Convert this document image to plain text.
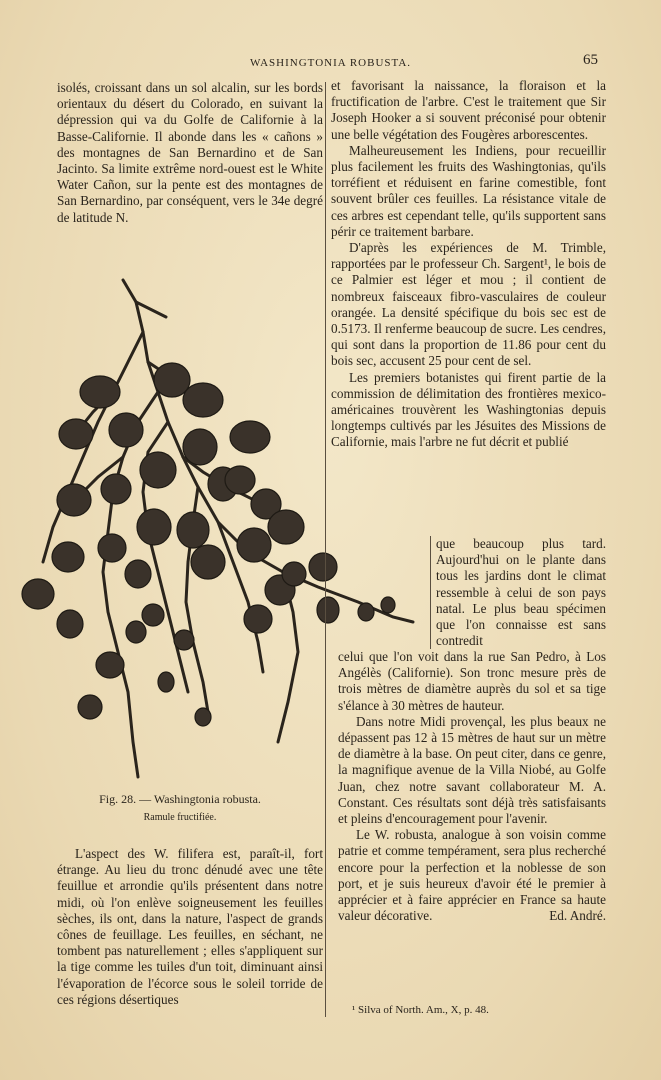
WASHINGTONIA ROBUSTA.	65

isolés, croissant dans un sol alcalin, sur les bords orientaux du désert du Colorado, en suivant la dépression qui va du Golfe de Californie à la Basse-Californie. Il abonde dans les « cañons » des montagnes de San Bernardino et de San Jacinto. Sa limite extrême nord-ouest est le White Water Cañon, sur la pente est des montagnes de San Bernardino, par conséquent, vers le 34e degré de latitude N.

Fig. 28. — Washingtonia robusta.
Ramule fructifiée.

L'aspect des W. filifera est, paraît-il, fort étrange. Au lieu du tronc dénudé avec une tête feuillue et arrondie qu'ils présentent dans notre midi, où l'on enlève soigneusement les feuilles sèches, ils ont, dans la nature, l'aspect de grands cônes de feuillage. Les feuilles, en séchant, ne tombent pas naturellement ; elles s'appliquent sur la tige comme les tuiles d'un toit, diminuant ainsi l'évaporation de l'écorce sous le soleil torride de ces régions désertiques

et favorisant la naissance, la floraison et la fructification de l'arbre. C'est le traitement que Sir Joseph Hooker a si souvent préconisé pour obtenir une belle végétation des Fougères arborescentes.

Malheureusement les Indiens, pour recueillir plus facilement les fruits des Washingtonias, qu'ils torréfient et réduisent en farine comestible, font souvent brûler ces feuilles. La résistance vitale de ces arbres est cependant telle, qu'ils supportent sans périr ce traitement barbare.

D'après les expériences de M. Trimble, rapportées par le professeur Ch. Sargent¹, le bois de ce Palmier est léger et mou ; il contient de nombreux faisceaux fibro-vasculaires de couleur orangée. La densité spécifique du bois sec est de 0.5173. Il renferme beaucoup de sucre. Les cendres, qui sont dans la proportion de 11.86 pour cent du bois sec, accusent 25 pour cent de sel.

Les premiers botanistes qui firent partie de la commission de délimitation des frontières mexico-américaines trouvèrent les Washingtonias depuis longtemps cultivés par les Jésuites des Missions de Californie, mais l'arbre ne fut décrit et publié

que beaucoup plus tard. Aujourd'hui on le plante dans tous les jardins dont le climat ressemble à celui de son pays natal. Le plus beau spécimen que l'on connaisse est sans contredit

celui que l'on voit dans la rue San Pedro, à Los Angélès (Californie). Son tronc mesure près de trois mètres de diamètre auprès du sol et sa tige s'élance à 30 mètres de hauteur.

Dans notre Midi provençal, les plus beaux ne dépassent pas 12 à 15 mètres de haut sur un mètre de diamètre à la base. On peut citer, dans ce genre, la magnifique avenue de la Villa Niobé, au Golfe Juan, chez notre savant collaborateur M. A. Constant. Ces résultats sont déjà très satisfaisants et pleins d'encouragement pour l'avenir.

Le W. robusta, analogue à son voisin comme patrie et comme tempérament, sera plus recherché encore pour la perfection et la noblesse de son port, et je suis heureux d'avoir été le premier à apprécier et à faire apprécier en France sa haute valeur décorative.	Ed. André.

¹ Silva of North. Am., X, p. 48.
